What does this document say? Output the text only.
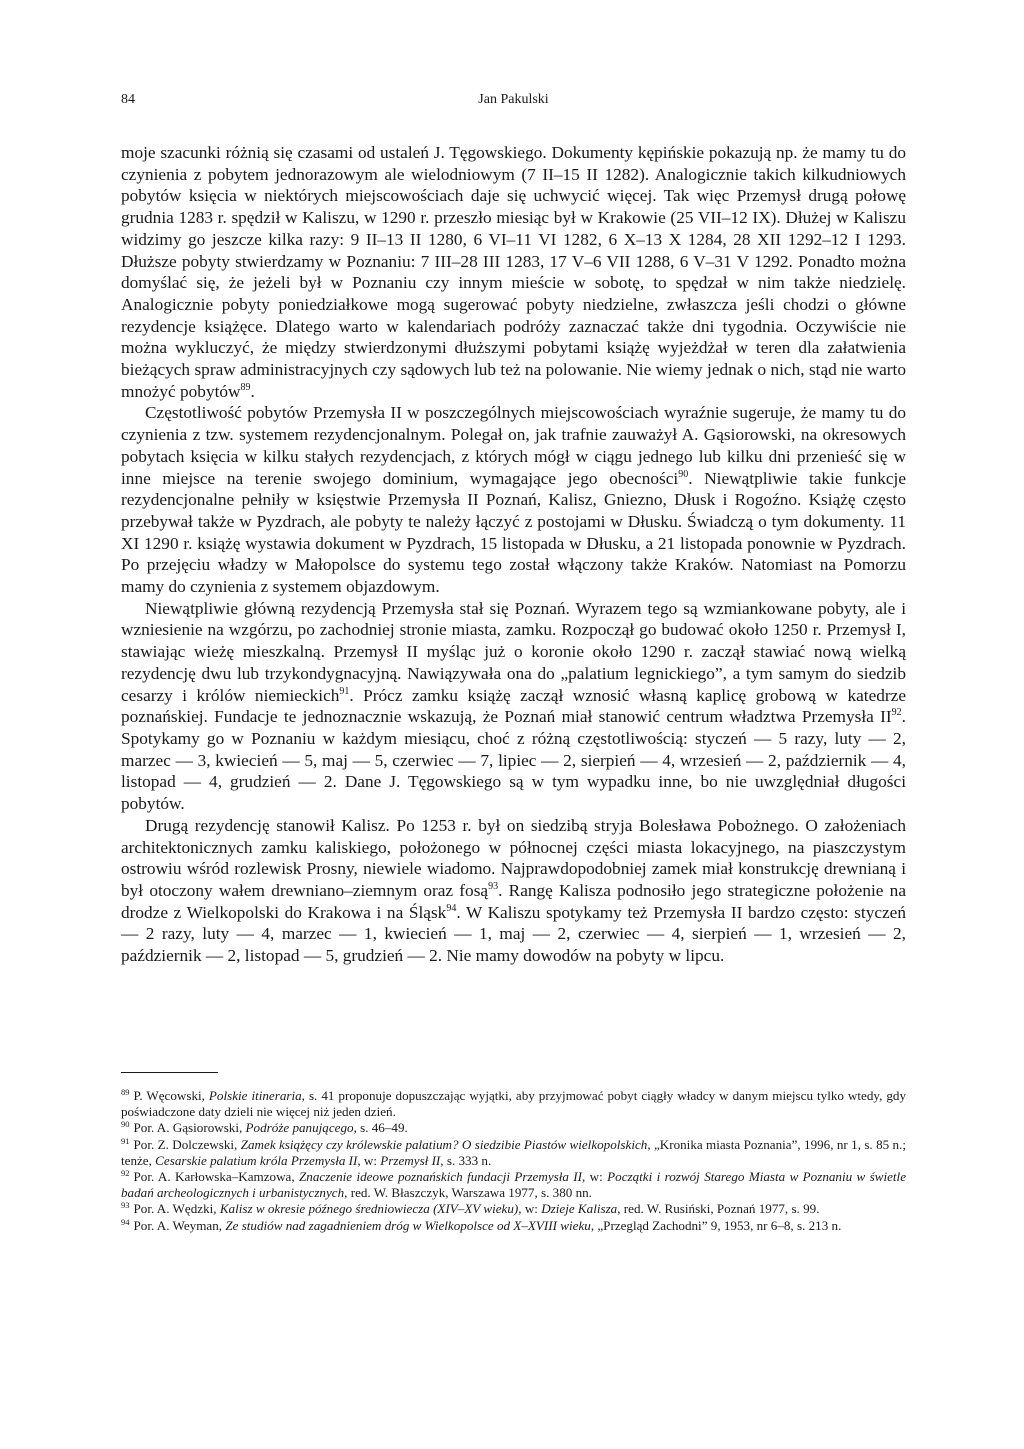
84	Jan Pakulski

moje szacunki różnią się czasami od ustaleń J. Tęgowskiego. Dokumenty kępińskie pokazują np. że mamy tu do czynienia z pobytem jednorazowym ale wielodniowym (7 II–15 II 1282). Analogicznie takich kilkudniowych pobytów księcia w niektórych miejscowościach daje się uchwycić więcej. Tak więc Przemysł drugą połowę grudnia 1283 r. spędził w Kaliszu, w 1290 r. przeszło miesiąc był w Krakowie (25 VII–12 IX). Dłużej w Kaliszu widzimy go jeszcze kilka razy: 9 II–13 II 1280, 6 VI–11 VI 1282, 6 X–13 X 1284, 28 XII 1292–12 I 1293. Dłuższe pobyty stwierdzamy w Poznaniu: 7 III–28 III 1283, 17 V–6 VII 1288, 6 V–31 V 1292. Ponadto można domyślać się, że jeżeli był w Poznaniu czy innym mieście w sobotę, to spędzał w nim także niedzielę. Analogicznie pobyty poniedziałkowe mogą sugerować pobyty niedzielne, zwłaszcza jeśli chodzi o główne rezydencje książęce. Dlatego warto w kalendariach podróży zaznaczać także dni tygodnia. Oczywiście nie można wykluczyć, że między stwierdzonymi dłuższymi pobytami książę wyjeżdżał w teren dla załatwienia bieżących spraw administracyjnych czy sądowych lub też na polowanie. Nie wiemy jednak o nich, stąd nie warto mnożyć pobytów$^{89}$.

Częstotliwość pobytów Przemysła II w poszczególnych miejscowościach wyraźnie sugeruje, że mamy tu do czynienia z tzw. systemem rezydencjonalnym. Polegał on, jak trafnie zauważył A. Gąsiorowski, na okresowych pobytach księcia w kilku stałych rezydencjach, z których mógł w ciągu jednego lub kilku dni przenieść się w inne miejsce na terenie swojego dominium, wymagające jego obecności$^{90}$. Niewątpliwie takie funkcje rezydencjonalne pełniły w księstwie Przemysła II Poznań, Kalisz, Gniezno, Dłusk i Rogoźno. Książę często przebywał także w Pyzdrach, ale pobyty te należy łączyć z postojami w Dłusku. Świadczą o tym dokumenty. 11 XI 1290 r. książę wystawia dokument w Pyzdrach, 15 listopada w Dłusku, a 21 listopada ponownie w Pyzdrach. Po przejęciu władzy w Małopolsce do systemu tego został włączony także Kraków. Natomiast na Pomorzu mamy do czynienia z systemem objazdowym.

Niewątpliwie główną rezydencją Przemysła stał się Poznań. Wyrazem tego są wzmiankowane pobyty, ale i wzniesienie na wzgórzu, po zachodniej stronie miasta, zamku. Rozpoczął go budować około 1250 r. Przemysł I, stawiając wieżę mieszkalną. Przemysł II myśląc już o koronie około 1290 r. zaczął stawiać nową wielką rezydencję dwu lub trzykondygnacyjną. Nawiązywała ona do „palatium legnickiego”, a tym samym do siedzib cesarzy i królów niemieckich$^{91}$. Prócz zamku książę zaczął wznosić własną kaplicę grobową w katedrze poznańskiej. Fundacje te jednoznacznie wskazują, że Poznań miał stanowić centrum władztwa Przemysła II$^{92}$. Spotykamy go w Poznaniu w każdym miesiącu, choć z różną częstotliwością: styczeń — 5 razy, luty — 2, marzec — 3, kwiecień — 5, maj — 5, czerwiec — 7, lipiec — 2, sierpień — 4, wrzesień — 2, październik — 4, listopad — 4, grudzień — 2. Dane J. Tęgowskiego są w tym wypadku inne, bo nie uwzględniał długości pobytów.

Drugą rezydencję stanowił Kalisz. Po 1253 r. był on siedzibą stryja Bolesława Pobożnego. O założeniach architektonicznych zamku kaliskiego, położonego w północnej części miasta lokacyjnego, na piaszczystym ostrowiu wśród rozlewisk Prosny, niewiele wiadomo. Najprawdopodobniej zamek miał konstrukcję drewnianą i był otoczony wałem drewniano–ziemnym oraz fosą$^{93}$. Rangę Kalisza podnosiło jego strategiczne położenie na drodze z Wielkopolski do Krakowa i na Śląsk$^{94}$. W Kaliszu spotykamy też Przemysła II bardzo często: styczeń — 2 razy, luty — 4, marzec — 1, kwiecień — 1, maj — 2, czerwiec — 4, sierpień — 1, wrzesień — 2, październik — 2, listopad — 5, grudzień — 2. Nie mamy dowodów na pobyty w lipcu.

$^{89}$ P. Węcowski, Polskie itineraria, s. 41 proponuje dopuszczając wyjątki, aby przyjmować pobyt ciągły władcy w danym miejscu tylko wtedy, gdy poświadczone daty dzieli nie więcej niż jeden dzień.

$^{90}$ Por. A. Gąsiorowski, Podróże panującego, s. 46–49.

$^{91}$ Por. Z. Dolczewski, Zamek książęcy czy królewskie palatium? O siedzibie Piastów wielkopolskich, „Kronika miasta Poznania”, 1996, nr 1, s. 85 n.; tenże, Cesarskie palatium króla Przemysła II, w: Przemysł II, s. 333 n.

$^{92}$ Por. A. Karłowska–Kamzowa, Znaczenie ideowe poznańskich fundacji Przemysła II, w: Początki i rozwój Starego Miasta w Poznaniu w świetle badań archeologicznych i urbanistycznych, red. W. Błaszczyk, Warszawa 1977, s. 380 nn.

$^{93}$ Por. A. Wędzki, Kalisz w okresie późnego średniowiecza (XIV–XV wieku), w: Dzieje Kalisza, red. W. Rusiński, Poznań 1977, s. 99.

$^{94}$ Por. A. Weyman, Ze studiów nad zagadnieniem dróg w Wielkopolsce od X–XVIII wieku, „Przegląd Zachodni” 9, 1953, nr 6–8, s. 213 n.
